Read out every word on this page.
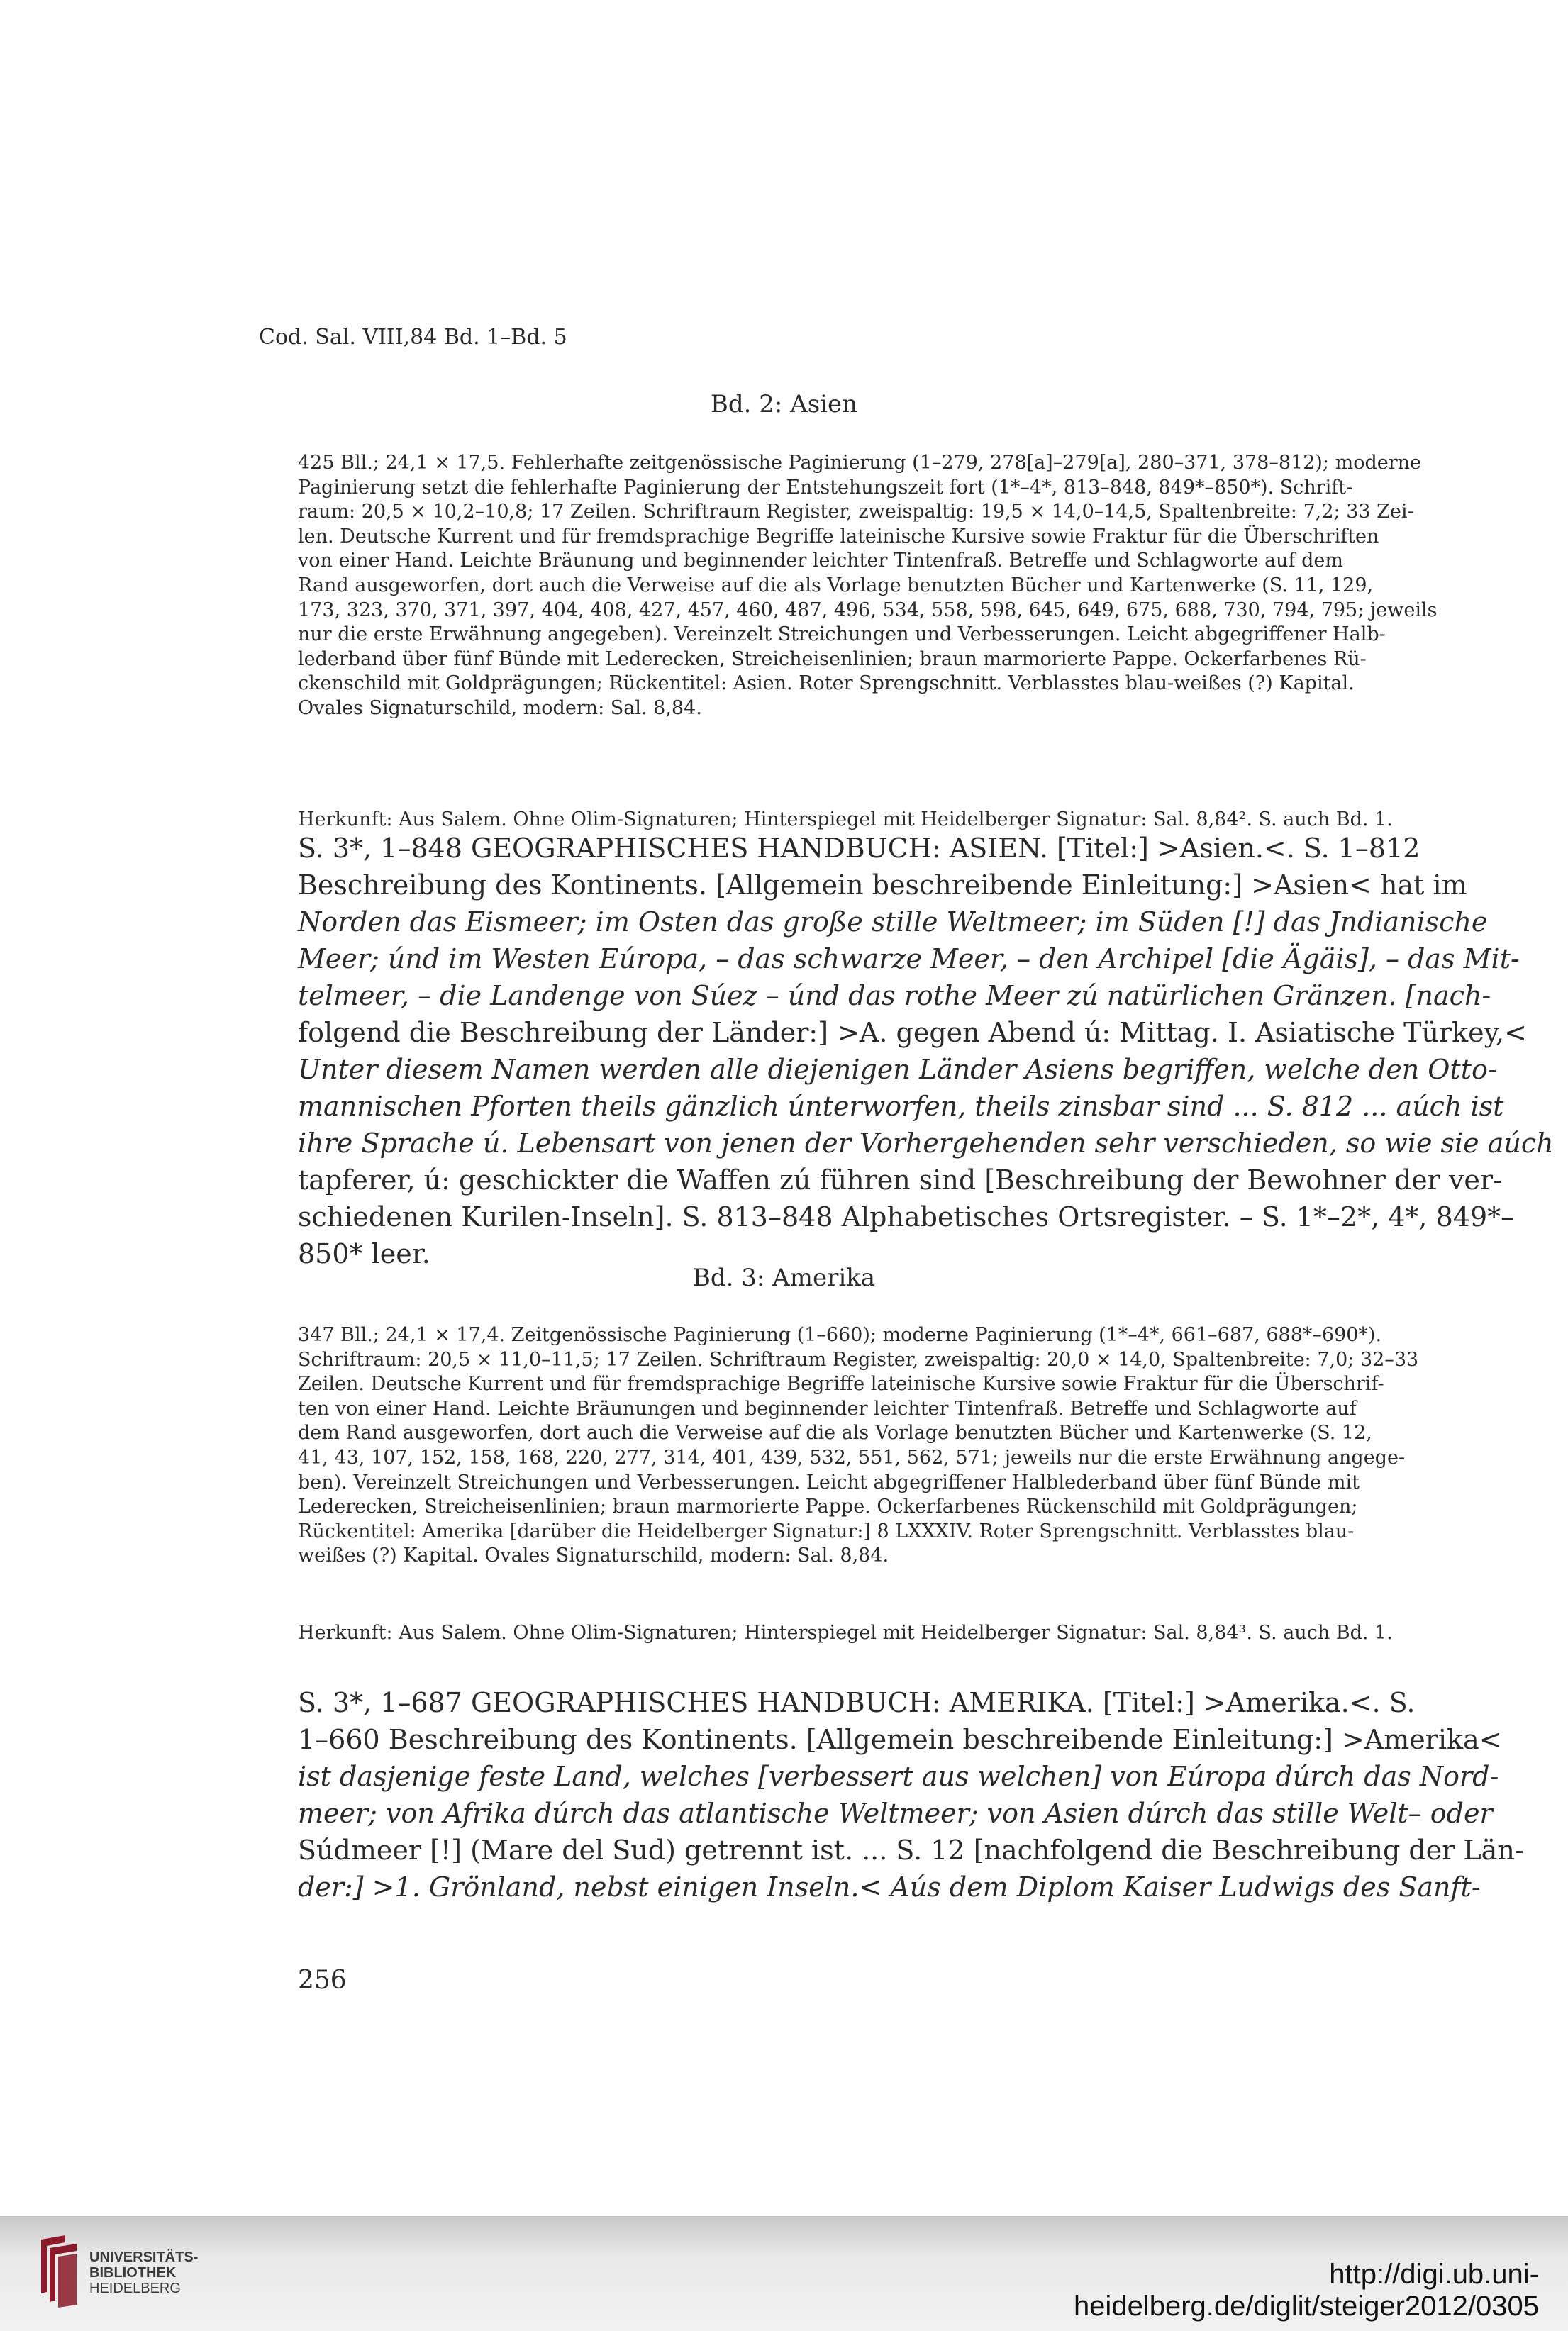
Cod. Sal. VIII,84 Bd. 1–Bd. 5
Bd. 2: Asien
425 Bll.; 24,1 × 17,5. Fehlerhafte zeitgenössische Paginierung (1–279, 278[a]–279[a], 280–371, 378–812); moderne
Paginierung setzt die fehlerhafte Paginierung der Entstehungszeit fort (1*–4*, 813–848, 849*–850*). Schrift-
raum: 20,5 × 10,2–10,8; 17 Zeilen. Schriftraum Register, zweispaltig: 19,5 × 14,0–14,5, Spaltenbreite: 7,2; 33 Zei-
len. Deutsche Kurrent und für fremdsprachige Begriffe lateinische Kursive sowie Fraktur für die Überschriften
von einer Hand. Leichte Bräunung und beginnender leichter Tintenfraß. Betreffe und Schlagworte auf dem
Rand ausgeworfen, dort auch die Verweise auf die als Vorlage benutzten Bücher und Kartenwerke (S. 11, 129,
173, 323, 370, 371, 397, 404, 408, 427, 457, 460, 487, 496, 534, 558, 598, 645, 649, 675, 688, 730, 794, 795; jeweils
nur die erste Erwähnung angegeben). Vereinzelt Streichungen und Verbesserungen. Leicht abgegriffener Halb-
lederband über fünf Bünde mit Lederecken, Streicheisenlinien; braun marmorierte Pappe. Ockerfarbenes Rü-
ckenschild mit Goldprägungen; Rückentitel: Asien. Roter Sprengschnitt. Verblasstes blau-weißes (?) Kapital.
Ovales Signaturschild, modern: Sal. 8,84.
Herkunft: Aus Salem. Ohne Olim-Signaturen; Hinterspiegel mit Heidelberger Signatur: Sal. 8,84². S. auch Bd. 1.
S. 3*, 1–848 GEOGRAPHISCHES HANDBUCH: ASIEN. [Titel:] >Asien.<. S. 1–812
Beschreibung des Kontinents. [Allgemein beschreibende Einleitung:] >Asien< hat im
Norden das Eismeer; im Osten das große stille Weltmeer; im Süden [!] das Jndianische
Meer; únd im Westen Eúropa, – das schwarze Meer, – den Archipel [die Ägäis], – das Mit-
telmeer, – die Landenge von Súez – únd das rothe Meer zú natürlichen Gränzen. [nach-
folgend die Beschreibung der Länder:] >A. gegen Abend ú: Mittag. I. Asiatische Türkey,<
Unter diesem Namen werden alle diejenigen Länder Asiens begriffen, welche den Otto-
mannischen Pforten theils gänzlich únterworfen, theils zinsbar sind ... S. 812 ... aúch ist
ihre Sprache ú. Lebensart von jenen der Vorhergehenden sehr verschieden, so wie sie aúch
tapferer, ú: geschickter die Waffen zú führen sind [Beschreibung der Bewohner der ver-
schiedenen Kurilen-Inseln]. S. 813–848 Alphabetisches Ortsregister. – S. 1*–2*, 4*, 849*–
850* leer.
Bd. 3: Amerika
347 Bll.; 24,1 × 17,4. Zeitgenössische Paginierung (1–660); moderne Paginierung (1*–4*, 661–687, 688*–690*).
Schriftraum: 20,5 × 11,0–11,5; 17 Zeilen. Schriftraum Register, zweispaltig: 20,0 × 14,0, Spaltenbreite: 7,0; 32–33
Zeilen. Deutsche Kurrent und für fremdsprachige Begriffe lateinische Kursive sowie Fraktur für die Überschrif-
ten von einer Hand. Leichte Bräunungen und beginnender leichter Tintenfraß. Betreffe und Schlagworte auf
dem Rand ausgeworfen, dort auch die Verweise auf die als Vorlage benutzten Bücher und Kartenwerke (S. 12,
41, 43, 107, 152, 158, 168, 220, 277, 314, 401, 439, 532, 551, 562, 571; jeweils nur die erste Erwähnung angege-
ben). Vereinzelt Streichungen und Verbesserungen. Leicht abgegriffener Halblederband über fünf Bünde mit
Lederecken, Streicheisenlinien; braun marmorierte Pappe. Ockerfarbenes Rückenschild mit Goldprägungen;
Rückentitel: Amerika [darüber die Heidelberger Signatur:] 8 LXXXIV. Roter Sprengschnitt. Verblasstes blau-
weißes (?) Kapital. Ovales Signaturschild, modern: Sal. 8,84.
Herkunft: Aus Salem. Ohne Olim-Signaturen; Hinterspiegel mit Heidelberger Signatur: Sal. 8,84³. S. auch Bd. 1.
S. 3*, 1–687 GEOGRAPHISCHES HANDBUCH: AMERIKA. [Titel:] >Amerika.<. S.
1–660 Beschreibung des Kontinents. [Allgemein beschreibende Einleitung:] >Amerika<
ist dasjenige feste Land, welches [verbessert aus welchen] von Eúropa dúrch das Nord-
meer; von Afrika dúrch das atlantische Weltmeer; von Asien dúrch das stille Welt– oder
Súdmeer [!] (Mare del Sud) getrennt ist. ... S. 12 [nachfolgend die Beschreibung der Län-
der:] >1. Grönland, nebst einigen Inseln.< Aús dem Diplom Kaiser Ludwigs des Sanft-
256
UNIVERSITÄTS-
BIBLIOTHEK
HEIDELBERG	http://digi.ub.uni-heidelberg.de/diglit/steiger2012/0305
